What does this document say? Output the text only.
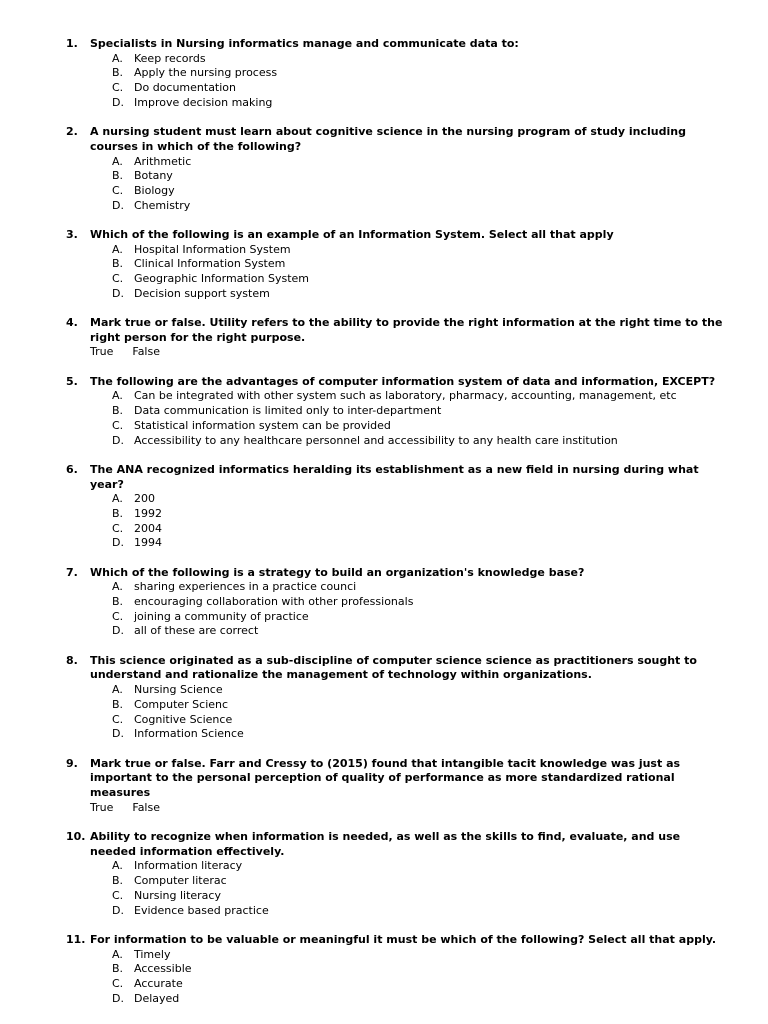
1.	Specialists in Nursing informatics manage and communicate data to:
A.	Keep records
B. Apply the nursing process
C. Do documentation
D. Improve decision making
2.	A nursing student must learn about cognitive science in the nursing program of study including courses in which of the following?
A.	Arithmetic
B. Botany
C. Biology
D. Chemistry
3.	Which of the following is an example of an Information System. Select all that apply
A.	Hospital Information System
B. Clinical Information System
C. Geographic Information System
D. Decision support system
4.	Mark true or false. Utility refers to the ability to provide the right information at the right time to the right person for the right purpose.
True False
5.	The following are the advantages of computer information system of data and information, EXCEPT?
A.	Can be integrated with other system such as laboratory, pharmacy, accounting, management, etc
B. Data communication is limited only to inter-department
C. Statistical information system can be provided
D. Accessibility to any healthcare personnel and accessibility to any health care institution
6.	The ANA recognized informatics heralding its establishment as a new field in nursing during what year?
A.	200
B. 1992
C. 2004
D. 1994
7.	Which of the following is a strategy to build an organization's knowledge base?
A.	sharing experiences in a practice counci
B. encouraging collaboration with other professionals
C. joining a community of practice
D. all of these are correct
8.	This science originated as a sub-discipline of computer science science as practitioners sought to understand and rationalize the management of technology within organizations.
A.	Nursing Science
B. Computer Scienc
C. Cognitive Science
D. Information Science
9.	Mark true or false. Farr and Cressy to (2015) found that intangible tacit knowledge was just as important to the personal perception of quality of performance as more standardized rational measures
True False
10. Ability to recognize when information is needed, as well as the skills to find, evaluate, and use needed information effectively.
A.	Information literacy
B. Computer literac
C. Nursing literacy
D. Evidence based practice
11. For information to be valuable or meaningful it must be which of the following? Select all that apply.
A.	Timely
B. Accessible
C. Accurate
D. Delayed
